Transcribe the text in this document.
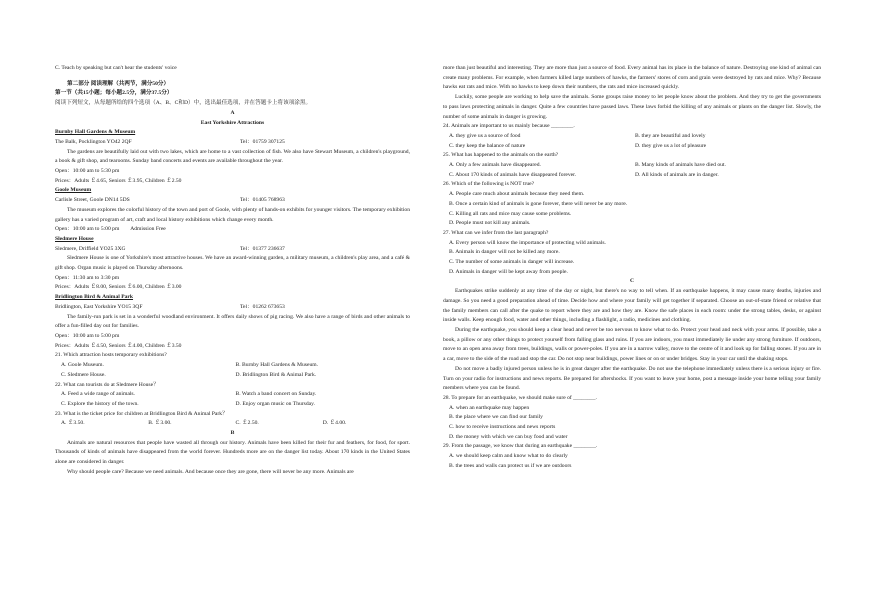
C. Teach by speaking but can't hear the students' voice
第二部分 阅读理解（共两节，满分50分）
第一节（共15小题；每小题2.5分，满分37.5分）
阅读下列短文，从每题所给的四个选项（A、B、C和D）中，选出最佳选项，并在答题卡上将该项涂黑。
A
East Yorkshire Attractions
Burnby Hall Gardens & Museum
The Balk, Pocklington YO42 2QF	Tel：01759 307125
The gardens are beautifully laid out with two lakes, which are home to a vast collection of fish. We also have Stewart Museum, a children's playground, a book & gift shop, and tearooms. Sunday band concerts and events are available throughout the year.
Open：10:00 am to 5:30 pm
Prices：Adults ￡4.65, Seniors ￡3.95, Children ￡2.50
Goole Museum
Carlisle Street, Goole DN14 5DS	Tel：01405 768963
The museum explores the colorful history of the town and port of Goole, with plenty of hands-on exhibits for younger visitors. The temporary exhibition gallery has a varied program of art, craft and local history exhibitions which change every month.
Open：10:00 am to 5:00 pm        Admission Free
Sledmere House
Sledmere, Driffield YO25 3XG	Tel：01377 236637
Sledmere House is one of Yorkshire's most attractive houses. We have an award-winning garden, a military museum, a children's play area, and a café & gift shop. Organ music is played on Thursday afternoons.
Open：11:30 am to 3:30 pm
Prices：Adults ￡8.00, Seniors ￡6.00, Children ￡3.00
Bridlington Bird & Animal Park
Bridlington, East Yorkshire YO15 3QF	Tel：01262 673653
The family-run park is set in a wonderful woodland environment. It offers daily shows of pig racing. We also have a range of birds and other animals to offer a fun-filled day out for families.
Open：10:00 am to 5:00 pm
Prices：Adults ￡4.50, Seniors ￡4.00, Children ￡3.50
21. Which attraction hosts temporary exhibitions?
A. Goole Museum.	B. Burnby Hall Gardens & Museum.
C. Sledmere House.	D. Bridlington Bird & Animal Park.
22. What can tourists do at Sledmere House？
A. Feed a wide range of animals.	B. Watch a band concert on Sunday.
C. Explore the history of the town.	D. Enjoy organ music on Thursday.
23. What is the ticket price for children at Bridlington Bird & Animal Park？
A. ￡3.50.	B. ￡3.00.	C. ￡2.50.	D. ￡4.00.
B
Animals are natural resources that people have wasted all through our history. Animals have been killed for their fur and feathers, for food, for sport. Thousands of kinds of animals have disappeared from the world forever. Hundreds more are on the danger list today. About 170 kinds in the United States alone are considered in danger.
Why should people care? Because we need animals. And because once they are gone, there will never be any more. Animals are
more than just beautiful and interesting. They are more than just a source of food. Every animal has its place in the balance of nature. Destroying one kind of animal can create many problems. For example, when farmers killed large numbers of hawks, the farmers' stores of corn and grain were destroyed by rats and mice. Why? Because hawks eat rats and mice. With no hawks to keep down their numbers, the rats and mice increased quickly.
Luckily, some people are working to help save the animals. Some groups raise money to let people know about the problem. And they try to get the governments to pass laws protecting animals in danger. Quite a few countries have passed laws. These laws forbid the killing of any animals or plants on the danger list. Slowly, the number of some animals in danger is growing.
24. Animals are important to us mainly because ________.
A. they give us a source of food	B. they are beautiful and lovely
C. they keep the balance of nature	D. they give us a lot of pleasure
25. What has happened to the animals on the earth?
A. Only a few animals have disappeared.	B. Many kinds of animals have died out.
C. About 170 kinds of animals have disappeared forever.	D. All kinds of animals are in danger.
26. Which of the following is NOT true?
A. People care much about animals because they need them.
B. Once a certain kind of animals is gone forever, there will never be any more.
C. Killing all rats and mice may cause some problems.
D. People must not kill any animals.
27. What can we infer from the last paragraph?
A. Every person will know the importance of protecting wild animals.
B. Animals in danger will not be killed any more.
C. The number of some animals in danger will increase.
D. Animals in danger will be kept away from people.
C
Earthquakes strike suddenly at any time of the day or night, but there's no way to tell when. If an earthquake happens, it may cause many deaths, injuries and damage. So you need a good preparation ahead of time. Decide how and where your family will get together if separated. Choose an out-of-state friend or relative that the family members can call after the quake to report where they are and how they are. Know the safe places in each room: under the strong tables, desks, or against inside walls. Keep enough food, water and other things, including a flashlight, a radio, medicines and clothing.
During the earthquake, you should keep a clear head and never be too nervous to know what to do. Protect your head and neck with your arms. If possible, take a book, a pillow or any other things to protect yourself from falling glass and ruins. If you are indoors, you must immediately lie under any strong furniture. If outdoors, move to an open area away from trees, buildings, walls or power-poles. If you are in a narrow valley, move to the centre of it and look up for falling stones. If you are in a car, move to the side of the road and stop the car. Do not stop near buildings, power lines or on or under bridges. Stay in your car until the shaking stops.
Do not move a badly injured person unless he is in great danger after the earthquake. Do not use the telephone immediately unless there is a serious injury or fire. Turn on your radio for instructions and news reports. Be prepared for aftershocks. If you want to leave your home, post a message inside your home telling your family members where you can be found.
28. To prepare for an earthquake, we should make sure of ________.
A. when an earthquake may happen
B. the place where we can find our family
C. how to receive instructions and news reports
D. the money with which we can buy food and water
29. From the passage, we know that during an earthquake ________.
A. we should keep calm and know what to do clearly
B. the trees and walls can protect us if we are outdoors
